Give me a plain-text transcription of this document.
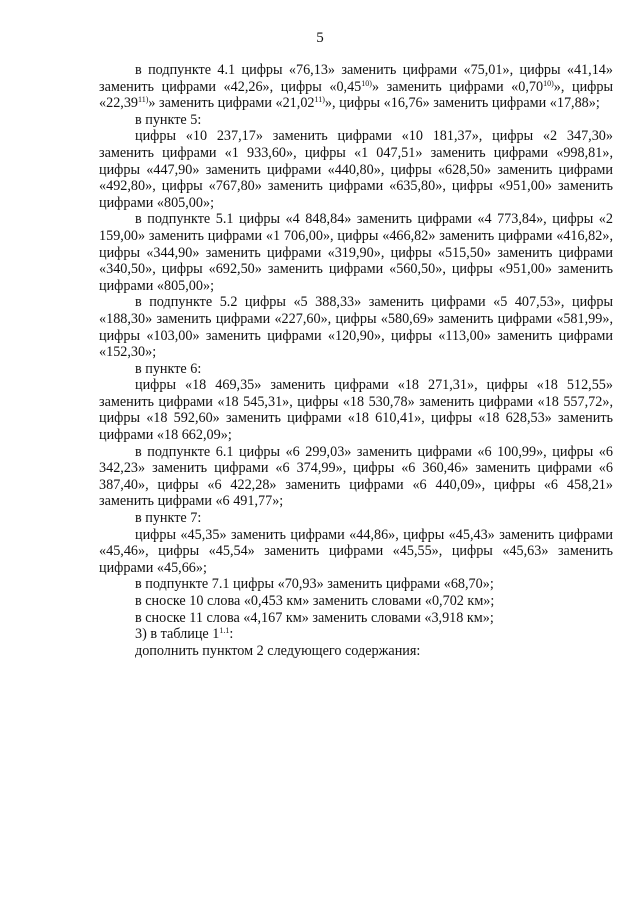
5

в подпункте 4.1 цифры «76,13» заменить цифрами «75,01», цифры «41,14» заменить цифрами «42,26», цифры «0,45$^{10)}$» заменить цифрами «0,70$^{10)}$», цифры «22,39$^{11)}$» заменить цифрами «21,02$^{11)}$», цифры «16,76» заменить цифрами «17,88»;

в пункте 5:

цифры «10 237,17» заменить цифрами «10 181,37», цифры «2 347,30» заменить цифрами «1 933,60», цифры «1 047,51» заменить цифрами «998,81», цифры «447,90» заменить цифрами «440,80», цифры «628,50» заменить цифрами «492,80», цифры «767,80» заменить цифрами «635,80», цифры «951,00» заменить цифрами «805,00»;

в подпункте 5.1 цифры «4 848,84» заменить цифрами «4 773,84», цифры «2 159,00» заменить цифрами «1 706,00», цифры «466,82» заменить цифрами «416,82», цифры «344,90» заменить цифрами «319,90», цифры «515,50» заменить цифрами «340,50», цифры «692,50» заменить цифрами «560,50», цифры «951,00» заменить цифрами «805,00»;

в подпункте 5.2 цифры «5 388,33» заменить цифрами «5 407,53», цифры «188,30» заменить цифрами «227,60», цифры «580,69» заменить цифрами «581,99», цифры «103,00» заменить цифрами «120,90», цифры «113,00» заменить цифрами «152,30»;

в пункте 6:

цифры «18 469,35» заменить цифрами «18 271,31», цифры «18 512,55» заменить цифрами «18 545,31», цифры «18 530,78» заменить цифрами «18 557,72», цифры «18 592,60» заменить цифрами «18 610,41», цифры «18 628,53» заменить цифрами «18 662,09»;

в подпункте 6.1 цифры «6 299,03» заменить цифрами «6 100,99», цифры «6 342,23» заменить цифрами «6 374,99», цифры «6 360,46» заменить цифрами «6 387,40», цифры «6 422,28» заменить цифрами «6 440,09», цифры «6 458,21» заменить цифрами «6 491,77»;

в пункте 7:

цифры «45,35» заменить цифрами «44,86», цифры «45,43» заменить цифрами «45,46», цифры «45,54» заменить цифрами «45,55», цифры «45,63» заменить цифрами «45,66»;

в подпункте 7.1 цифры «70,93» заменить цифрами «68,70»;

в сноске 10 слова «0,453 км» заменить словами «0,702 км»;

в сноске 11 слова «4,167 км» заменить словами «3,918 км»;

3) в таблице $1^{1.1}$:

дополнить пунктом 2 следующего содержания:
